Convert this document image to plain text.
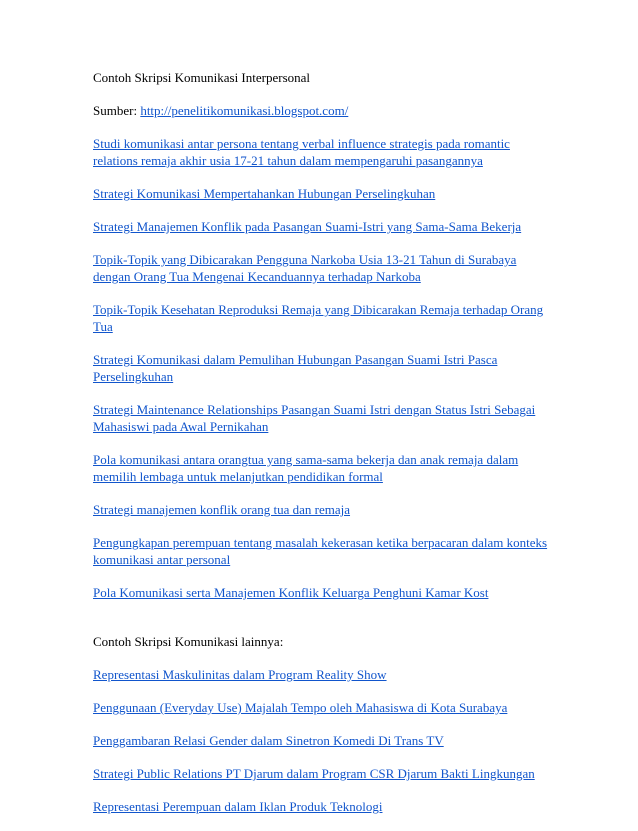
Contoh Skripsi Komunikasi Interpersonal

Sumber: http://penelitikomunikasi.blogspot.com/

Studi komunikasi antar persona tentang verbal influence strategis pada romantic relations remaja akhir usia 17-21 tahun dalam mempengaruhi pasangannya
Strategi Komunikasi Mempertahankan Hubungan Perselingkuhan
Strategi Manajemen Konflik pada Pasangan Suami-Istri yang Sama-Sama Bekerja
Topik-Topik yang Dibicarakan Pengguna Narkoba Usia 13-21 Tahun di Surabaya dengan Orang Tua Mengenai Kecanduannya terhadap Narkoba
Topik-Topik Kesehatan Reproduksi Remaja yang Dibicarakan Remaja terhadap Orang Tua
Strategi Komunikasi dalam Pemulihan Hubungan Pasangan Suami Istri Pasca Perselingkuhan
Strategi Maintenance Relationships Pasangan Suami Istri dengan Status Istri Sebagai Mahasiswi pada Awal Pernikahan
Pola komunikasi antara orangtua yang sama-sama bekerja dan anak remaja dalam memilih lembaga untuk melanjutkan pendidikan formal
Strategi manajemen konflik orang tua dan remaja
Pengungkapan perempuan tentang masalah kekerasan ketika berpacaran dalam konteks komunikasi antar personal
Pola Komunikasi serta Manajemen Konflik Keluarga Penghuni Kamar Kost

Contoh Skripsi Komunikasi lainnya:

Representasi Maskulinitas dalam Program Reality Show
Penggunaan (Everyday Use) Majalah Tempo oleh Mahasiswa di Kota Surabaya
Penggambaran Relasi Gender dalam Sinetron Komedi Di Trans TV
Strategi Public Relations PT Djarum dalam Program CSR Djarum Bakti Lingkungan
Representasi Perempuan dalam Iklan Produk Teknologi
